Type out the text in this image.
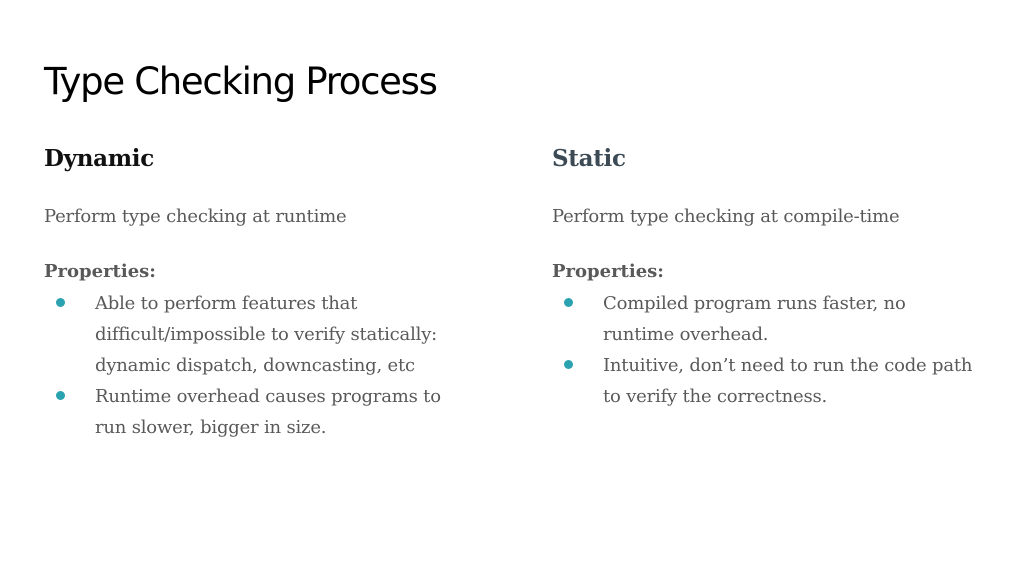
Type Checking Process
Dynamic

Perform type checking at runtime

Properties:

Able to perform features that difficult/impossible to verify statically: dynamic dispatch, downcasting, etc
Runtime overhead causes programs to run slower, bigger in size.
Static

Perform type checking at compile-time

Properties:

Compiled program runs faster, no runtime overhead.
Intuitive, don’t need to run the code path to verify the correctness.
